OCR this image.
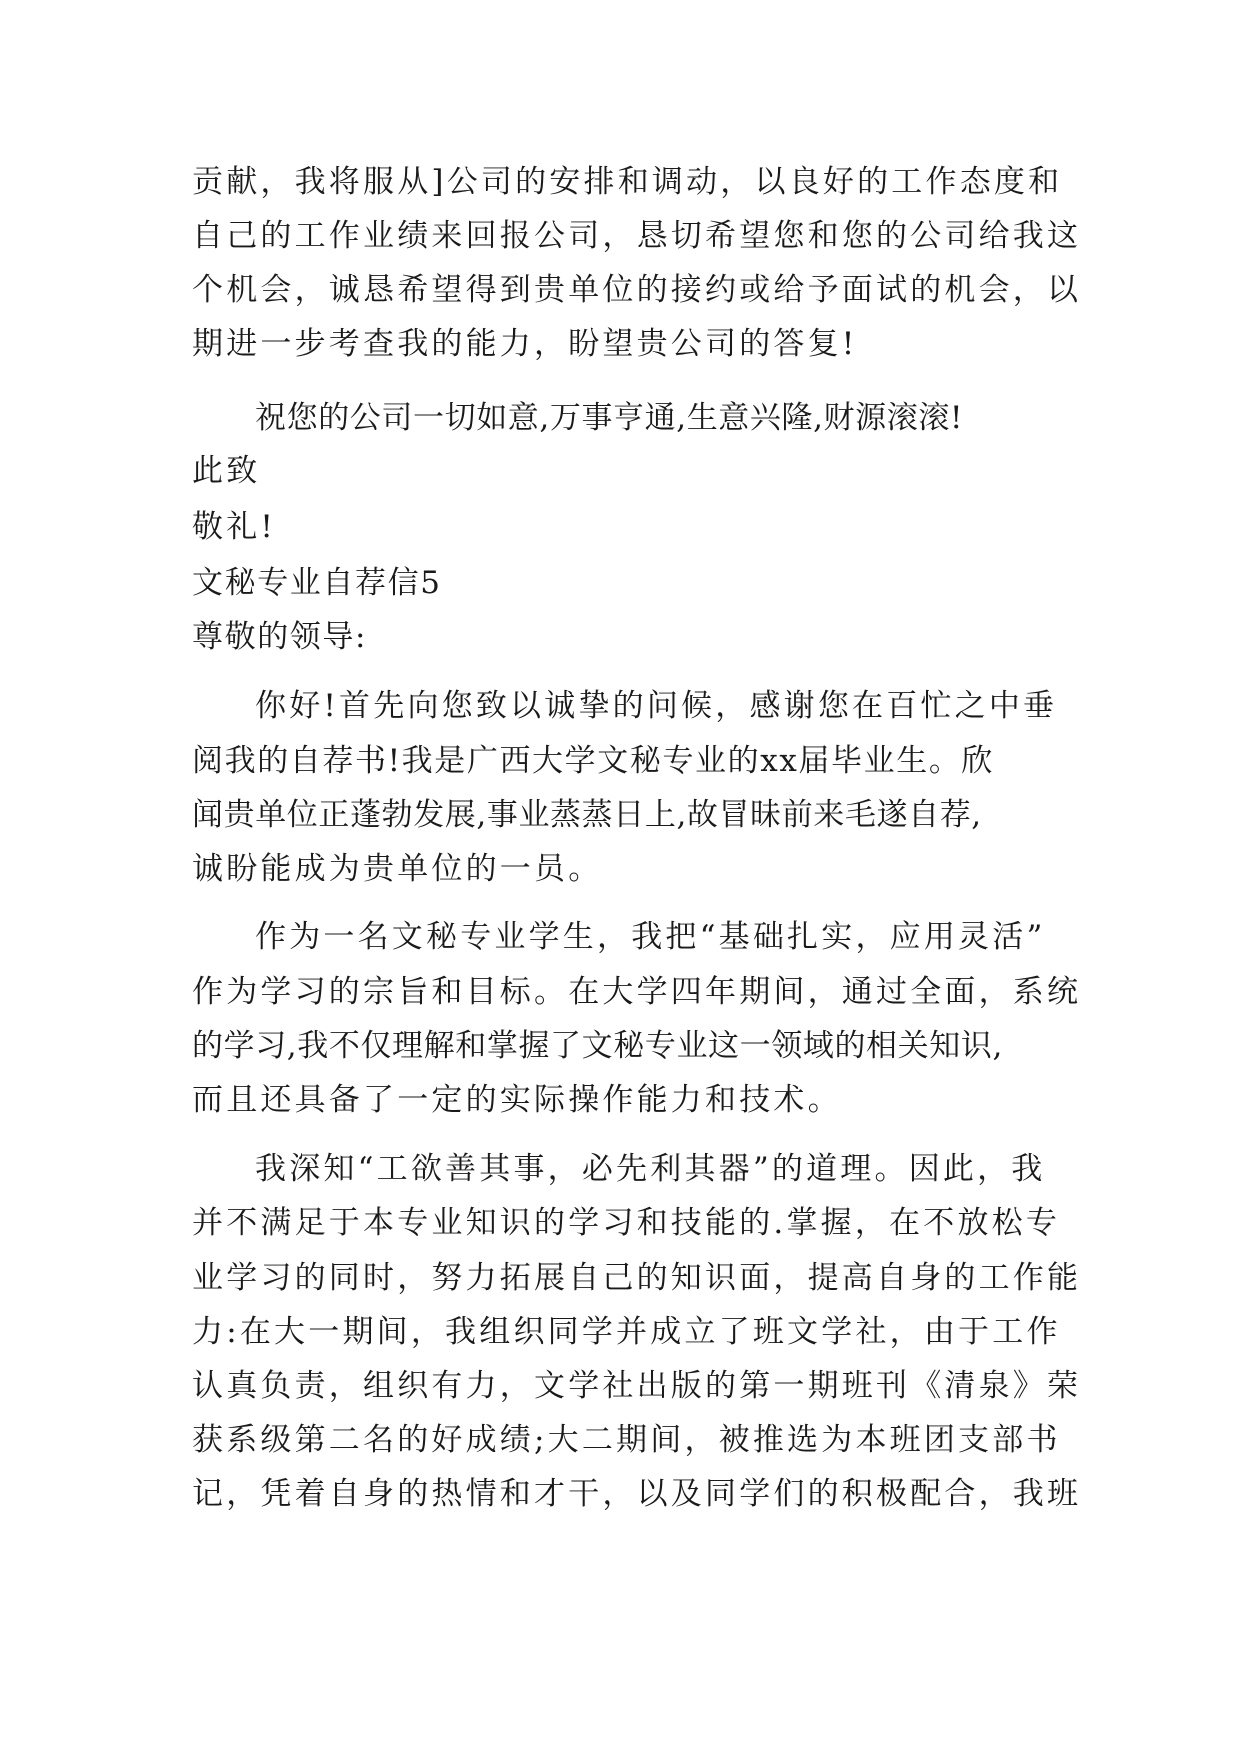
贡献，我将服从]公司的安排和调动，以良好的工作态度和
自己的工作业绩来回报公司，恳切希望您和您的公司给我这
个机会，诚恳希望得到贵单位的接约或给予面试的机会，以
期进一步考查我的能力，盼望贵公司的答复!
祝您的公司一切如意,万事亨通,生意兴隆,财源滚滚!
此致
敬礼!
文秘专业自荐信5
尊敬的领导:
你好!首先向您致以诚挚的问候，感谢您在百忙之中垂
阅我的自荐书!我是广西大学文秘专业的xx届毕业生。欣
闻贵单位正蓬勃发展,事业蒸蒸日上,故冒昧前来毛遂自荐,
诚盼能成为贵单位的一员。
作为一名文秘专业学生，我把“基础扎实，应用灵活”
作为学习的宗旨和目标。在大学四年期间，通过全面，系统
的学习,我不仅理解和掌握了文秘专业这一领域的相关知识,
而且还具备了一定的实际操作能力和技术。
我深知“工欲善其事，必先利其器”的道理。因此，我
并不满足于本专业知识的学习和技能的.掌握，在不放松专
业学习的同时，努力拓展自己的知识面，提高自身的工作能
力:在大一期间，我组织同学并成立了班文学社，由于工作
认真负责，组织有力，文学社出版的第一期班刊《清泉》荣
获系级第二名的好成绩;大二期间，被推选为本班团支部书
记，凭着自身的热情和才干，以及同学们的积极配合，我班
